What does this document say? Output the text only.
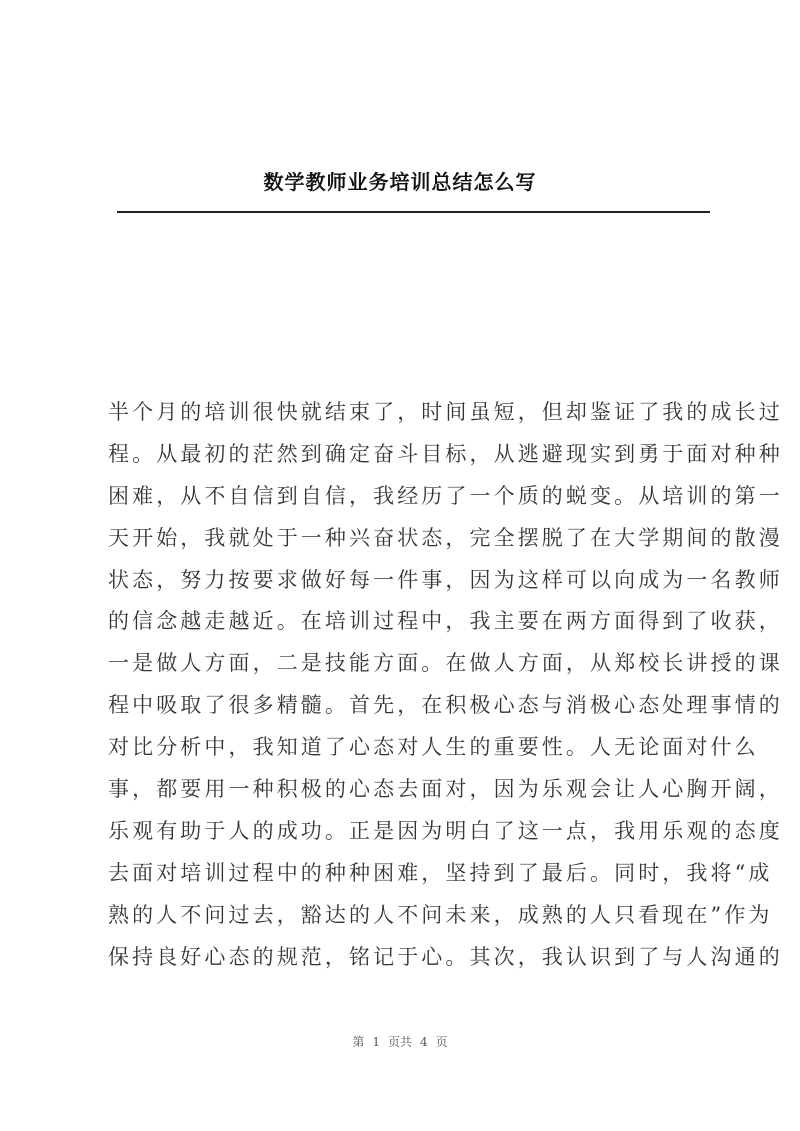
数学教师业务培训总结怎么写
半个月的培训很快就结束了，时间虽短，但却鉴证了我的成长过
程。从最初的茫然到确定奋斗目标，从逃避现实到勇于面对种种
困难，从不自信到自信，我经历了一个质的蜕变。从培训的第一
天开始，我就处于一种兴奋状态，完全摆脱了在大学期间的散漫
状态，努力按要求做好每一件事，因为这样可以向成为一名教师
的信念越走越近。在培训过程中，我主要在两方面得到了收获，
一是做人方面，二是技能方面。在做人方面，从郑校长讲授的课
程中吸取了很多精髓。首先，在积极心态与消极心态处理事情的
对比分析中，我知道了心态对人生的重要性。人无论面对什么
事，都要用一种积极的心态去面对，因为乐观会让人心胸开阔，
乐观有助于人的成功。正是因为明白了这一点，我用乐观的态度
去面对培训过程中的种种困难，坚持到了最后。同时，我将“成
熟的人不问过去，豁达的人不问未来，成熟的人只看现在”作为
保持良好心态的规范，铭记于心。其次，我认识到了与人沟通的
第 1 页共 4 页
